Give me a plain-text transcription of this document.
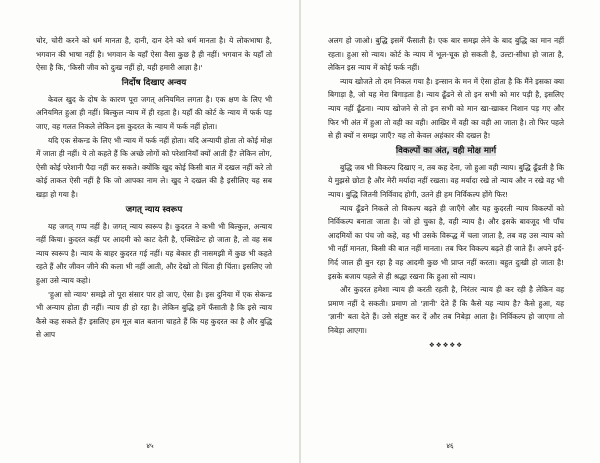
चोर, चोरी करने को धर्म मानता है, दानी, दान देने को धर्म मानता है। ये लोकभाषा है, भगवान की भाषा नहीं है। भगवान के यहाँ ऐसा वैसा कुछ है ही नहीं। भगवान के यहाँ तो ऐसा है कि, 'किसी जीव को दुःख नहीं हो, यही हमारी आज्ञा है।'

निर्दोष दिखाए अन्वय

केवल खुद के दोष के कारण पूरा जगत् अनियमित लगता है। एक क्षण के लिए भी अनियमित हुआ ही नहीं। बिल्कुल न्याय में ही रहता है। यहाँ की कोर्ट के न्याय में फर्क पड़ जाए, वह गलत निकले लेकिन इस कुदरत के न्याय में फर्क नहीं होता।

यदि एक सेकन्ड के लिए भी न्याय में फर्क नहीं होता। यदि अन्यायी होता तो कोई मोक्ष में जाता ही नहीं। ये तो कहते हैं कि अच्छे लोगों को परेशानियाँ क्यों आती हैं? लेकिन लोग, ऐसी कोई परेशानी पैदा नहीं कर सकते। क्योंकि खुद कोई किसी बात में दखल नहीं करे तो कोई ताकत ऐसी नहीं है कि जो आपका नाम ले। खुद ने दखल की है इसीलिए यह सब खड़ा हो गया है।

जगत् न्याय स्वरूप

यह जगत् गप्प नहीं है। जगत् न्याय स्वरूप है। कुदरत ने कभी भी बिल्कुल, अन्याय नहीं किया। कुदरत कहीं पर आदमी को काट देती है, एक्सिडेन्ट हो जाता है, तो वह सब न्याय स्वरूप है। न्याय के बाहर कुदरत गई नहीं। यह बेकार ही नासमझी में कुछ भी कहते रहते हैं और जीवन जीने की कला भी नहीं आती, और देखो तो चिंता ही चिंता। इसलिए जो हुआ उसे न्याय कहो।

'हुआ सो न्याय' समझे तो पूरा संसार पार हो जाए, ऐसा है। इस दुनिया में एक सेकन्ड भी अन्याय होता ही नहीं। न्याय ही हो रहा है। लेकिन बुद्धि हमें फँसाती है कि इसे न्याय कैसे कह सकते हैं? इसलिए हम मूल बात बताना चाहते हैं कि यह कुदरत का है और बुद्धि से आप

४५

अलग हो जाओ। बुद्धि इसमें फँसाती है। एक बार समझ लेने के बाद बुद्धि का मान नहीं रहता। हुआ सो न्याय। कोर्ट के न्याय में भूल-चूक हो सकती है, उल्टा-सीधा हो जाता है, लेकिन इस न्याय में कोई फर्क नहीं।

न्याय खोजते तो दम निकल गया है। इन्सान के मन में ऐसा होता है कि मैंने इसका क्या बिगाड़ा है, जो यह मेरा बिगाड़ता है। न्याय ढूँढने से तो इन सभी को मार पड़ी है, इसलिए न्याय नहीं ढूँढना। न्याय खोजने से तो इन सभी को मान खा-खाकर निशान पड़ गए और फिर भी अंत में हुआ तो वही का वही। आखिर में वही का वही आ जाता है। तो फिर पहले से ही क्यों न समझ जाएँ? यह तो केवल अहंकार की दखल है!

विकल्पों का अंत, वही मोक्ष मार्ग

बुद्धि जब भी विकल्प दिखाए न, तब कह देना, जो हुआ वही न्याय। बुद्धि ढूँढती है कि ये मुझसे छोटा है और मेरी मर्यादा नहीं रखता। वह मर्यादा रखे तो न्याय और न रखे वह भी न्याय। बुद्धि जितनी निर्विवाद होगी, उतने ही हम निर्विकल्प होंगे फिर!

न्याय ढूँढने निकले तो विकल्प बढ़ते ही जाएँगे और यह कुदरती न्याय विकल्पों को निर्विकल्प बनाता जाता है। जो हो चुका है, वही न्याय है। और इसके बावजूद भी पाँच आदमियों का पंच जो कहे, वह भी उसके विरूद्ध में चला जाता है, तब वह उस न्याय को भी नहीं मानता, किसी की बात नहीं मानता। तब फिर विकल्प बढ़ते ही जाते हैं। अपने इर्द-गिर्द जाल ही बुन रहा है वह आदमी कुछ भी प्राप्त नहीं करता। बहुत दुःखी हो जाता है! इसके बजाय पहले से ही श्रद्धा रखना कि हुआ सो न्याय।

और कुदरत हमेशा न्याय ही करती रहती है, निरंतर न्याय ही कर रही है लेकिन वह प्रमाण नहीं दे सकती। प्रमाण तो 'ज्ञानी' देते हैं कि कैसे यह न्याय है? कैसे हुआ, यह 'ज्ञानी' बता देते हैं। उसे संतुष्ट कर दें और तब निबेड़ा आता है। निर्विकल्प हो जाएगा तो निबेड़ा आएगा।

❖❖❖❖❖
४६
